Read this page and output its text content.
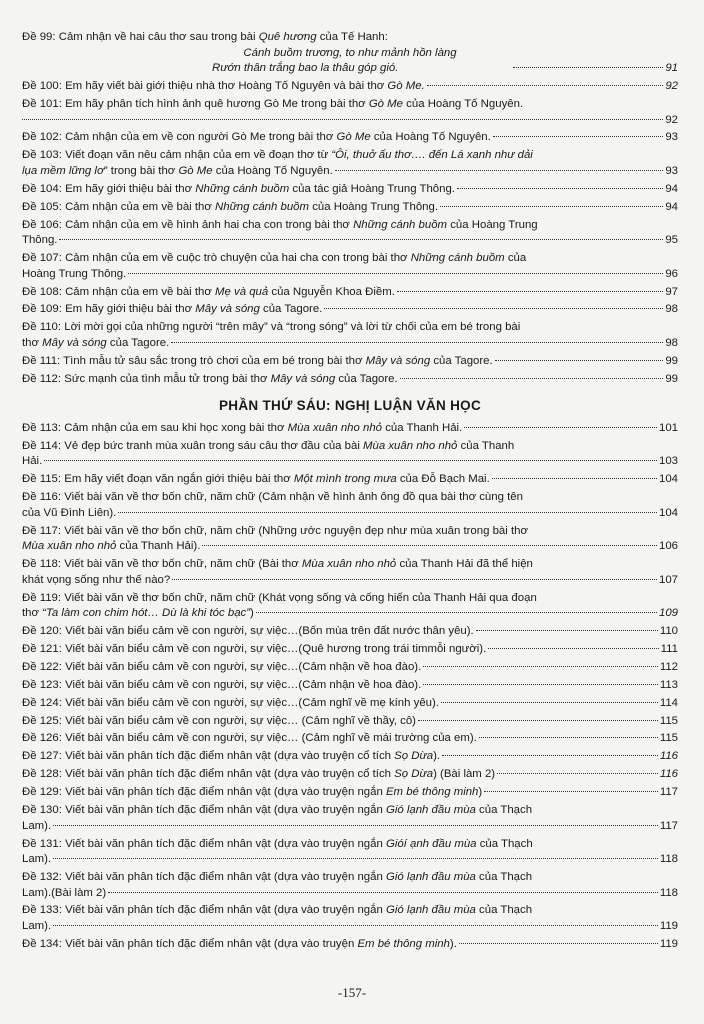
Đề 99: Cảm nhận về hai câu thơ sau trong bài Quê hương của Tế Hanh:
Cánh buồm trương, to như mảnh hồn làng
Rướn thân trắng bao la thâu góp gió.	91
Đề 100: Em hãy viết bài giới thiệu nhà thơ Hoàng Tố Nguyên và bài thơ Gò Me.	92
Đề 101: Em hãy phân tích hình ảnh quê hương Gò Me trong bài thơ Gò Me của Hoàng Tố Nguyên.
92
Đề 102: Cảm nhận của em về con người Gò Me trong bài thơ Gò Me của Hoàng Tố Nguyên.	93
Đề 103: Viết đoạn văn nêu cảm nhận của em về đoạn thơ từ “Ôi, thuở ấu thơ…. đến Lá xanh như dải
lụa mềm lững lơ” trong bài thơ Gò Me của Hoàng Tố Nguyên.	93
Đề 104: Em hãy giới thiệu bài thơ Những cánh buồm của tác giả Hoàng Trung Thông.	94
Đề 105: Cảm nhận của em về bài thơ Những cánh buồm của Hoàng Trung Thông.	94
Đề 106: Cảm nhận của em về hình ảnh hai cha con trong bài thơ Những cánh buồm của Hoàng Trung
Thông.	95
Đề 107: Cảm nhận của em về cuộc trò chuyện của hai cha con trong bài thơ Những cánh buồm của
Hoàng Trung Thông.	96
Đề 108: Cảm nhận của em về bài thơ Mẹ và quả của Nguyễn Khoa Điềm.	97
Đề 109: Em hãy giới thiệu bài thơ Mây và sóng của Tagore.	98
Đề 110: Lời mời gọi của những người “trên mây” và “trong sóng” và lời từ chối của em bé trong bài
thơ Mây và sóng của Tagore.	98
Đề 111: Tình mẫu tử sâu sắc trong trò chơi của em bé trong bài thơ Mây và sóng của Tagore.	99
Đề 112: Sức mạnh của tình mẫu tử trong bài thơ Mây và sóng của Tagore.	99
PHẦN THỨ SÁU: NGHỊ LUẬN VĂN HỌC
Đề 113: Cảm nhận của em sau khi học xong bài thơ Mùa xuân nho nhỏ của Thanh Hải.	101
Đề 114: Vẻ đẹp bức tranh mùa xuân trong sáu câu thơ đầu của bài Mùa xuân nho nhỏ của Thanh
Hải.	103
Đề 115: Em hãy viết đoạn văn ngắn giới thiệu bài thơ Một mình trong mưa của Đỗ Bạch Mai.	104
Đề 116: Viết bài văn về thơ bốn chữ, năm chữ (Cảm nhận về hình ảnh ông đồ qua bài thơ cùng tên
của Vũ Đình Liên).	104
Đề 117: Viết bài văn về thơ bốn chữ, năm chữ (Những ước nguyện đẹp như mùa xuân trong bài thơ
Mùa xuân nho nhỏ của Thanh Hải).	106
Đề 118: Viết bài văn về thơ bốn chữ, năm chữ (Bài thơ Mùa xuân nho nhỏ của Thanh Hải đã thể hiện
khát vọng sống như thế nào?	107
Đề 119: Viết bài văn về thơ bốn chữ, năm chữ (Khát vọng sống và cống hiến của Thanh Hải qua đoạn
thơ “Ta làm con chim hót… Dù là khi tóc bạc”)	109
Đề 120: Viết bài văn biểu cảm về con người, sự việc…(Bốn mùa trên đất nước thân yêu).	110
Đề 121: Viết bài văn biểu cảm về con người, sự việc…(Quê hương trong trái timmỗi người).	111
Đề 122: Viết bài văn biểu cảm về con người, sự việc…(Cảm nhận về hoa đào).	112
Đề 123: Viết bài văn biểu cảm về con người, sự việc…(Cảm nhận về hoa đào).	113
Đề 124: Viết bài văn biểu cảm về con người, sự việc…(Cảm nghĩ về mẹ kính yêu).	114
Đề 125: Viết bài văn biểu cảm về con người, sự việc… (Cảm nghĩ về thầy, cô)	115
Đề 126: Viết bài văn biểu cảm về con người, sự việc… (Cảm nghĩ về mái trường của em).	115
Đề 127: Viết bài văn phân tích đặc điểm nhân vật (dựa vào truyện cổ tích Sọ Dừa).	116
Đề 128: Viết bài văn phân tích đặc điểm nhân vật (dựa vào truyện cổ tích Sọ Dừa) (Bài làm 2)	116
Đề 129: Viết bài văn phân tích đặc điểm nhân vật (dựa vào truyện ngắn Em bé thông minh)	117
Đề 130: Viết bài văn phân tích đặc điểm nhân vật (dựa vào truyện ngắn Gió lạnh đầu mùa của Thạch
Lam).	117
Đề 131: Viết bài văn phân tích đặc điểm nhân vật (dựa vào truyện ngắn Gióí ạnh đầu mùa của Thạch
Lam).	118
Đề 132: Viết bài văn phân tích đặc điểm nhân vật (dựa vào truyện ngắn Gió lạnh đầu mùa của Thạch
Lam).(Bài làm 2)	118
Đề 133: Viết bài văn phân tích đặc điểm nhân vật (dựa vào truyện ngắn Gió lạnh đầu mùa của Thạch
Lam).	119
Đề 134: Viết bài văn phân tích đặc điểm nhân vật (dựa vào truyện Em bé thông minh).	119
-157-
